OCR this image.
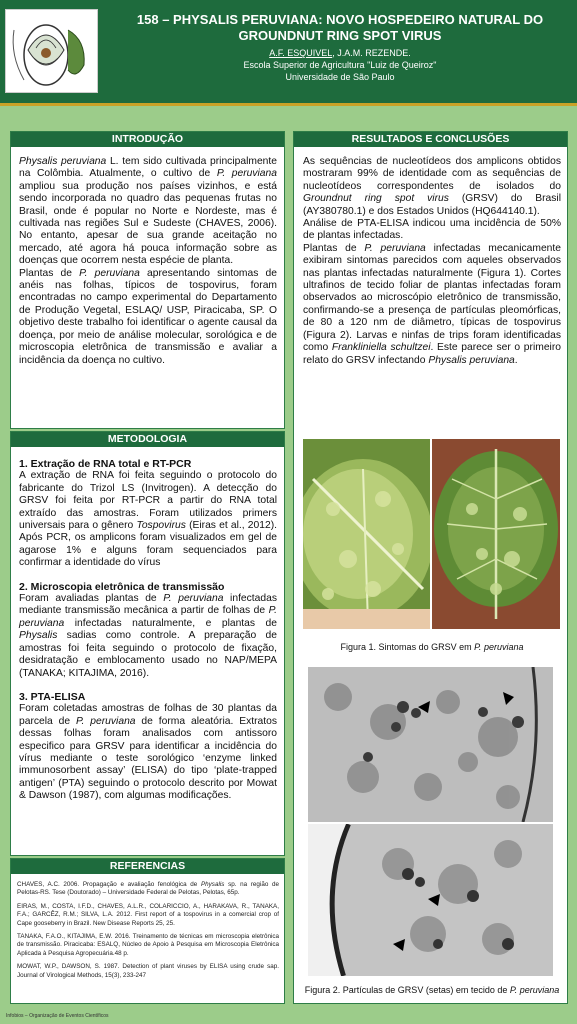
158 – PHYSALIS PERUVIANA: NOVO HOSPEDEIRO NATURAL DO
GROUNDNUT RING SPOT VIRUS
A.F. ESQUIVEL, J.A.M. REZENDE.
Escola Superior de Agricultura "Luiz de Queiroz"
Universidade de São Paulo
INTRODUÇÃO
Physalis peruviana L. tem sido cultivada principalmente na Colômbia. Atualmente, o cultivo de P. peruviana ampliou sua produção nos países vizinhos, e está sendo incorporada no quadro das pequenas frutas no Brasil, onde é popular no Norte e Nordeste, mas é cultivada nas regiões Sul e Sudeste (CHAVES, 2006). No entanto, apesar de sua grande aceitação no mercado, até agora há pouca informação sobre as doenças que ocorrem nesta espécie de planta.
Plantas de P. peruviana apresentando sintomas de anéis nas folhas, típicos de tospovirus, foram encontradas no campo experimental do Departamento de Produção Vegetal, ESLAQ/ USP, Piracicaba, SP. O objetivo deste trabalho foi identificar o agente causal da doença, por meio de análise molecular, sorológica e de microscopia eletrônica de transmissão e avaliar a incidência da doença no cultivo.
METODOLOGIA
1. Extração de RNA total e RT-PCR
A extração de RNA foi feita seguindo o protocolo do fabricante do Trizol LS (Invitrogen). A detecção do GRSV foi feita por RT-PCR a partir do RNA total extraído das amostras. Foram utilizados primers universais para o gênero Tospovirus (Eiras et al., 2012). Após PCR, os amplicons foram visualizados em gel de agarose 1% e alguns foram sequenciados para confirmar a identidade do vírus
2. Microscopia eletrônica de transmissão
Foram avaliadas plantas de P. peruviana infectadas mediante transmissão mecânica a partir de folhas de P. peruviana infectadas naturalmente, e plantas de Physalis sadias como controle. A preparação de amostras foi feita seguindo o protocolo de fixação, desidratação e emblocamento usado no NAP/MEPA (TANAKA; KITAJIMA, 2016).
3. PTA-ELISA
Foram coletadas amostras de folhas de 30 plantas da parcela de P. peruviana de forma aleatória. Extratos dessas folhas foram analisados com antissoro especifico para GRSV para identificar a incidência do vírus mediante o teste sorológico ‘enzyme linked immunosorbent assay’ (ELISA) do tipo ‘plate-trapped antigen’ (PTA) seguindo o protocolo descrito por Mowat & Dawson (1987), com algumas modificações.
REFERENCIAS
CHAVES, A.C. 2006. Propagação e avaliação fenológica de Physalis sp. na região de Pelotas-RS. Tese (Doutorado) – Universidade Federal de Pelotas, Pelotas, 65p.
EIRAS, M., COSTA, I.F.D., CHAVES, A.L.R., COLARICCIO, A., HARAKAVA, R., TANAKA, F.A.; GARCÊZ, R.M.; SILVA, L.A. 2012. First report of a tospovirus in a comercial crop of Cape gooseberry in Brazil. New Disease Reports 25, 25.
TANAKA, F.A.O., KITAJIMA, E.W. 2016. Treinamento de técnicas em microscopia eletrônica de transmissão. Piracicaba: ESALQ, Núcleo de Apoio à Pesquisa em Microscopia Eletrônica Aplicada à Pesquisa Agropecuária.48 p.
MOWAT, W.P., DAWSON, S. 1987. Detection of plant viruses by ELISA using crude sap. Journal of Virological Methods, 15(3), 233-247
RESULTADOS E CONCLUSÕES
As sequências de nucleotídeos dos amplicons obtidos mostraram 99% de identidade com as sequências de nucleotídeos correspondentes de isolados do Groundnut ring spot virus (GRSV) do Brasil (AY380780.1) e dos Estados Unidos (HQ644140.1).
Análise de PTA-ELISA indicou uma incidência de 50% de plantas infectadas.
Plantas de P. peruviana infectadas mecanicamente exibiram sintomas parecidos com aqueles observados nas plantas infectadas naturalmente (Figura 1). Cortes ultrafinos de tecido foliar de plantas infectadas foram observados ao microscópio eletrônico de transmissão, confirmando-se a presença de partículas pleomórficas, de 80 a 120 nm de diâmetro, típicas de tospovirus (Figura 2). Larvas e ninfas de trips foram identificadas como Frankliniella schultzei. Este parece ser o primeiro relato do GRSV infectando Physalis peruviana.
Figura 1. Sintomas do GRSV em P. peruviana
Figura 2. Partículas de GRSV (setas) em tecido de P. peruviana
Infobios – Organização de Eventos Científicos
